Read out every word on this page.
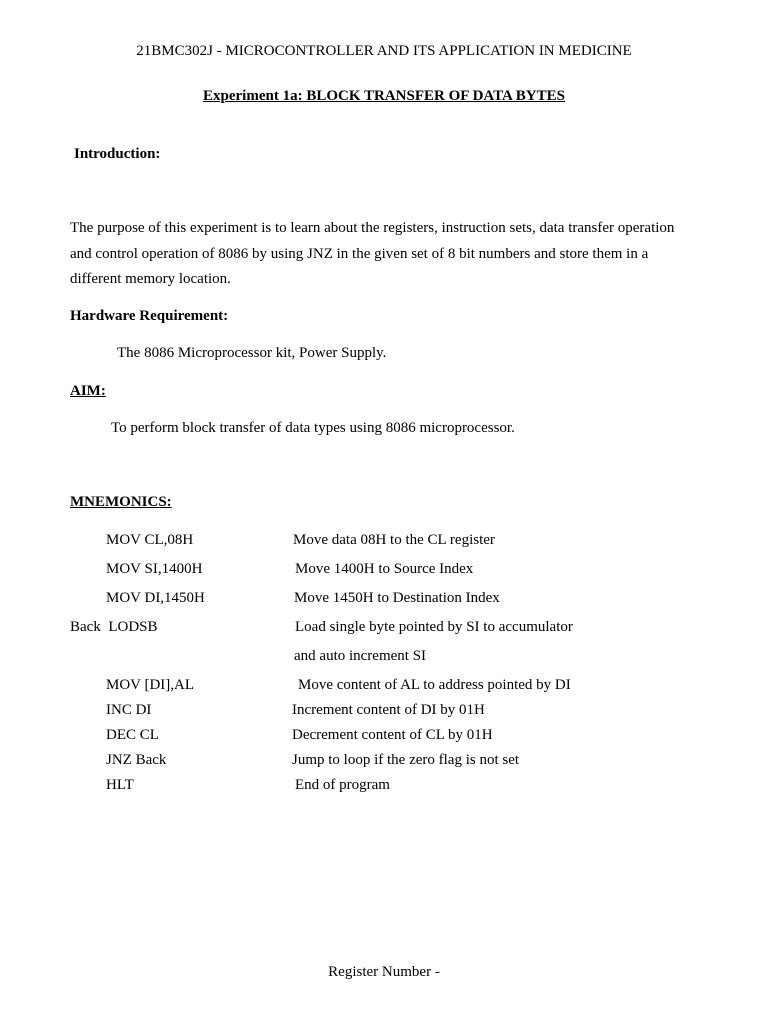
21BMC302J - MICROCONTROLLER AND ITS APPLICATION IN MEDICINE
Experiment 1a: BLOCK TRANSFER OF DATA BYTES
Introduction:
The purpose of this experiment is to learn about the registers, instruction sets, data transfer operation
and control operation of 8086 by using JNZ in the given set of 8 bit numbers and store them in a
different memory location.
Hardware Requirement:
The 8086 Microprocessor kit, Power Supply.
AIM:
To perform block transfer of data types using 8086 microprocessor.
MNEMONICS:
MOV CL,08H	Move data 08H to the CL register
MOV SI,1400H	Move 1400H to Source Index
MOV DI,1450H	Move 1450H to Destination Index
Back  LODSB	Load single byte pointed by SI to accumulator
and auto increment SI
MOV [DI],AL	Move content of AL to address pointed by DI
INC DI	Increment content of DI by 01H
DEC CL	Decrement content of CL by 01H
JNZ Back	Jump to loop if the zero flag is not set
HLT	End of program
Register Number -
